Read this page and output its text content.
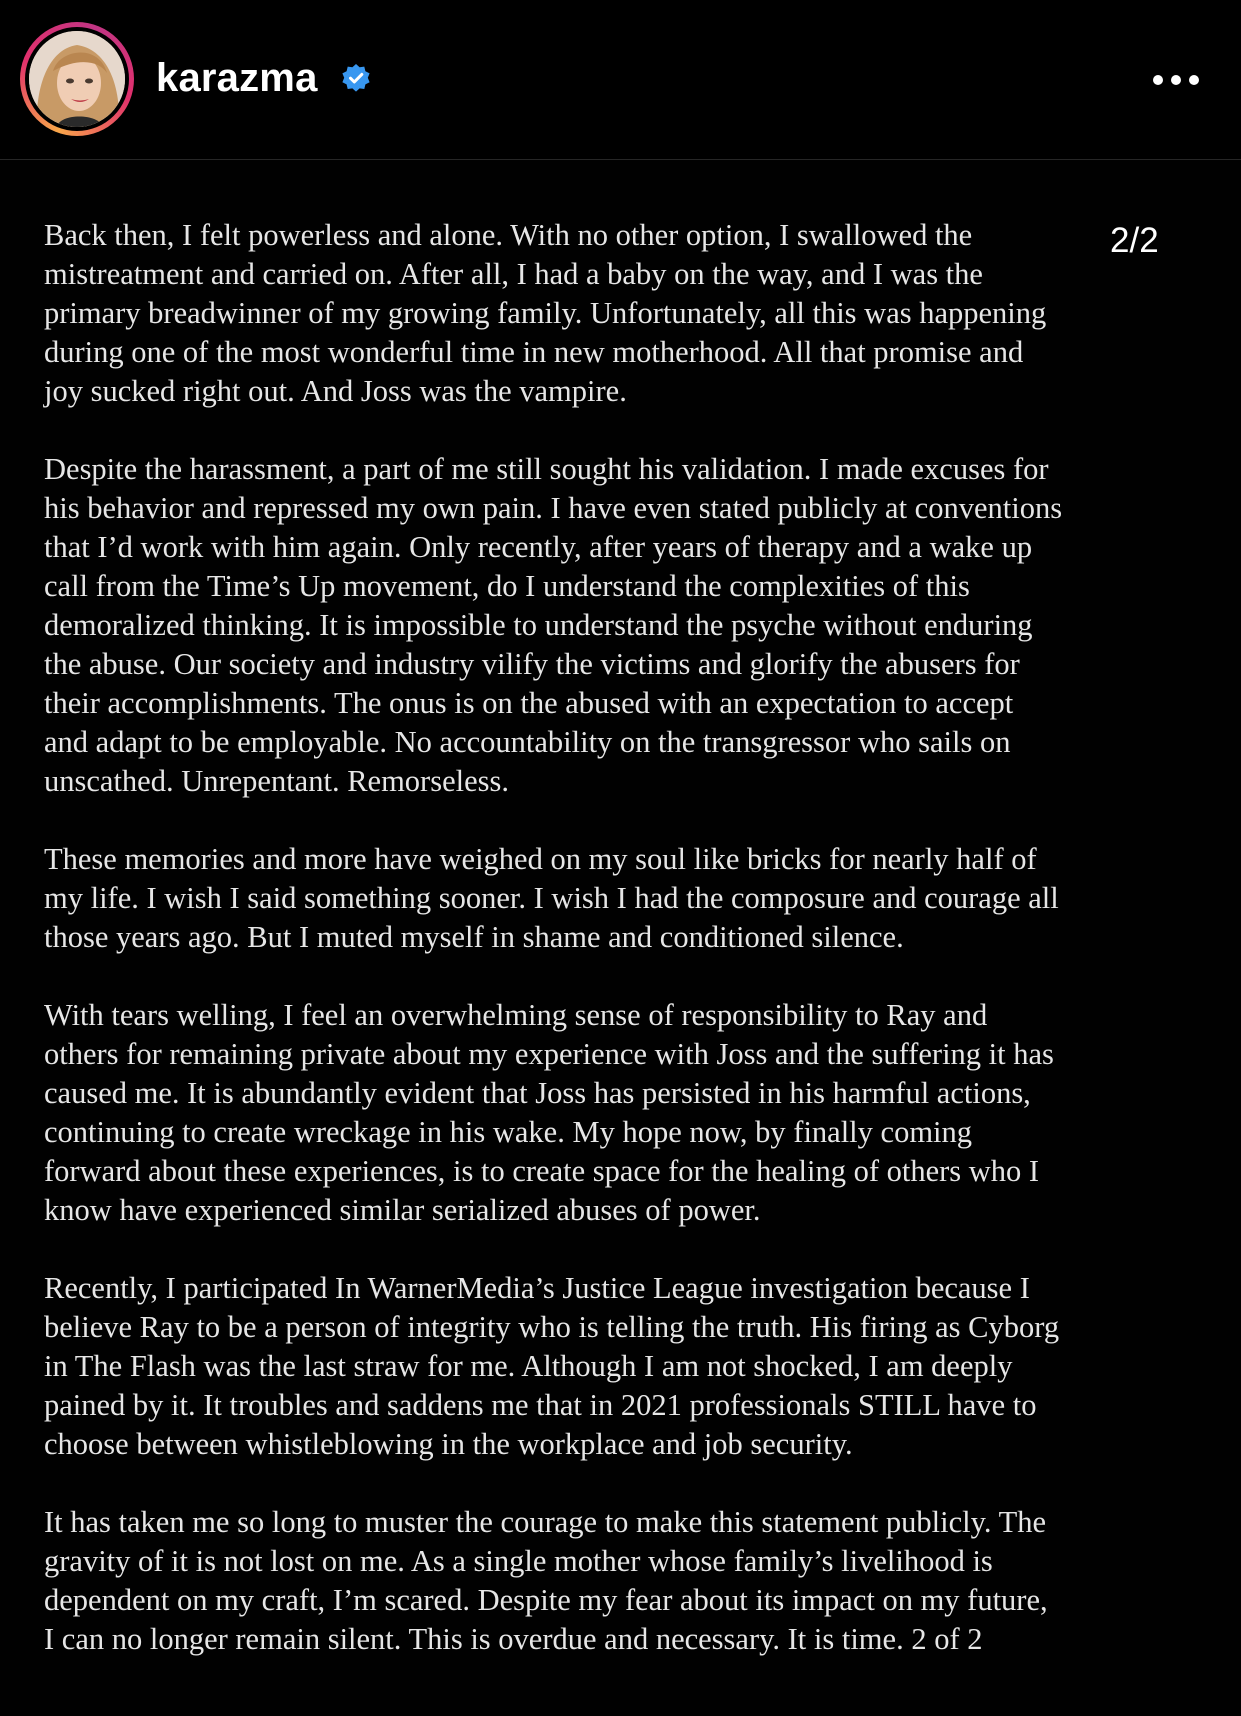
karazma
2/2

Back then, I felt powerless and alone. With no other option, I swallowed the
mistreatment and carried on. After all, I had a baby on the way, and I was the
primary breadwinner of my growing family. Unfortunately, all this was happening
during one of the most wonderful time in new motherhood. All that promise and
joy sucked right out. And Joss was the vampire.

Despite the harassment, a part of me still sought his validation. I made excuses for
his behavior and repressed my own pain. I have even stated publicly at conventions
that I’d work with him again. Only recently, after years of therapy and a wake up
call from the Time’s Up movement, do I understand the complexities of this
demoralized thinking. It is impossible to understand the psyche without enduring
the abuse. Our society and industry vilify the victims and glorify the abusers for
their accomplishments. The onus is on the abused with an expectation to accept
and adapt to be employable. No accountability on the transgressor who sails on
unscathed. Unrepentant. Remorseless.

These memories and more have weighed on my soul like bricks for nearly half of
my life. I wish I said something sooner. I wish I had the composure and courage all
those years ago. But I muted myself in shame and conditioned silence.

With tears welling, I feel an overwhelming sense of responsibility to Ray and
others for remaining private about my experience with Joss and the suffering it has
caused me. It is abundantly evident that Joss has persisted in his harmful actions,
continuing to create wreckage in his wake. My hope now, by finally coming
forward about these experiences, is to create space for the healing of others who I
know have experienced similar serialized abuses of power.

Recently, I participated In WarnerMedia’s Justice League investigation because I
believe Ray to be a person of integrity who is telling the truth. His firing as Cyborg
in The Flash was the last straw for me. Although I am not shocked, I am deeply
pained by it. It troubles and saddens me that in 2021 professionals STILL have to
choose between whistleblowing in the workplace and job security.

It has taken me so long to muster the courage to make this statement publicly. The
gravity of it is not lost on me. As a single mother whose family’s livelihood is
dependent on my craft, I’m scared. Despite my fear about its impact on my future,
I can no longer remain silent. This is overdue and necessary. It is time. 2 of 2
